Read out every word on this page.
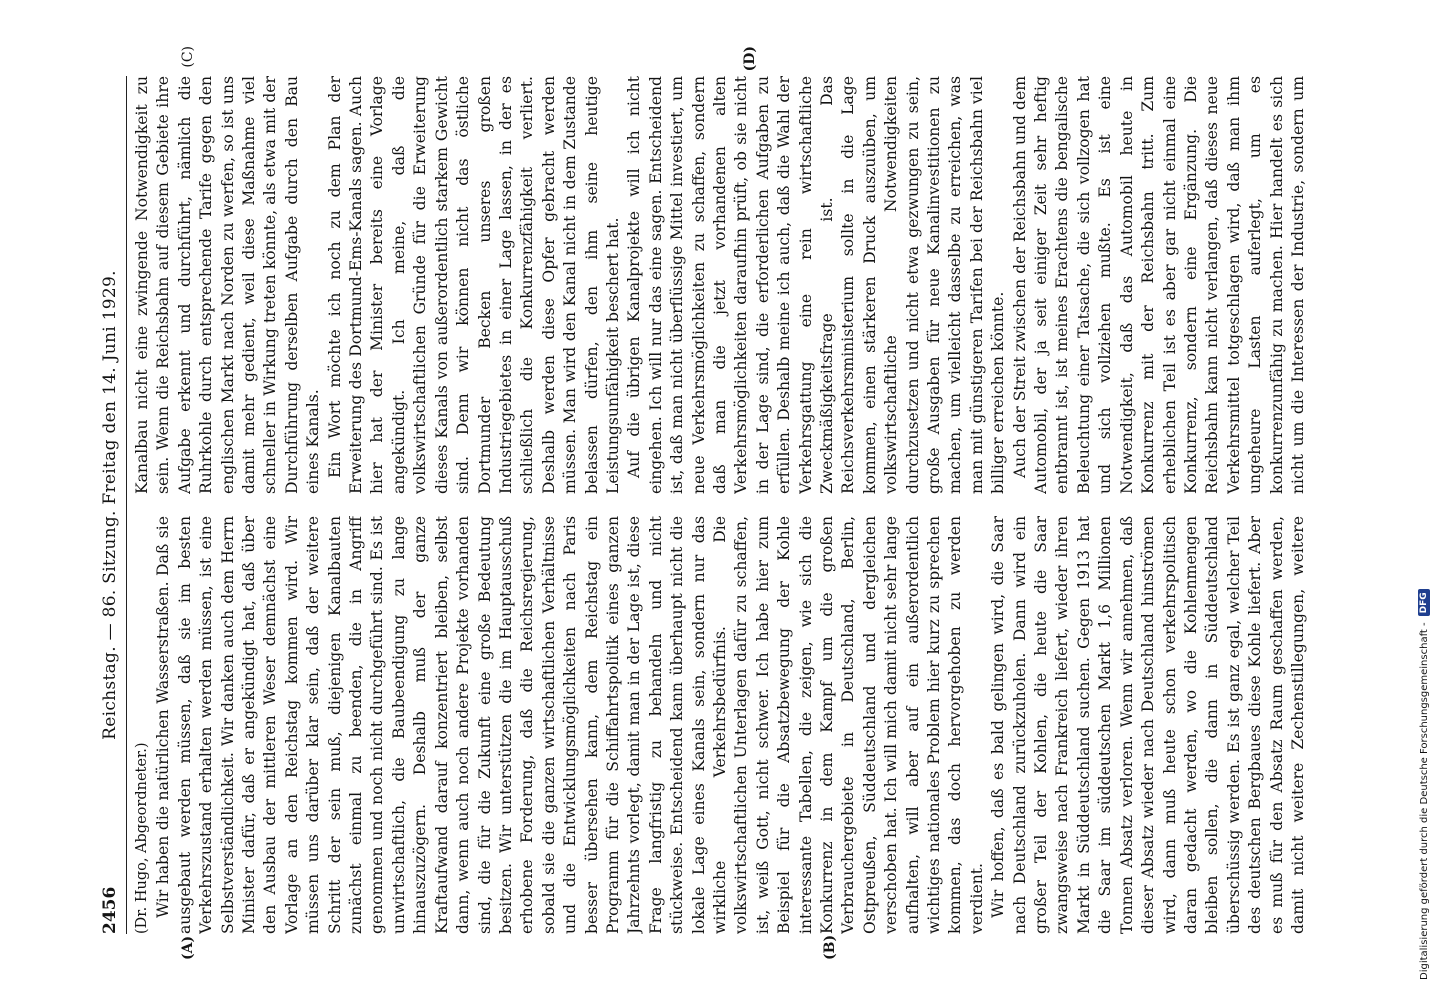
2456
Reichstag. — 86. Sitzung. Freitag den 14. Juni 1929.

(Dr. Hugo, Abgeordneter.) Wir haben die natürlichen Wasserstraßen. Daß sie ausgebaut werden müssen, daß sie im besten Verkehrszustand erhalten werden müssen, ist eine Selbstverständlichkeit. Wir danken auch dem Herrn Minister dafür, daß er angekündigt hat, daß über den Ausbau der mittleren Weser demnächst eine Vorlage an den Reichstag kommen wird. Wir müssen uns darüber klar sein, daß der weitere Schritt der sein muß, diejenigen Kanalbauten zunächst einmal zu beenden, die in Angriff genommen und noch nicht durchgeführt sind. Es ist unwirtschaftlich, die Baubeendigung zu lange hinauszuzögern. Deshalb muß der ganze Kraftaufwand darauf konzentriert bleiben, selbst dann, wenn auch noch andere Projekte vorhanden sind, die für die Zukunft eine große Bedeutung besitzen. Wir unterstützen die im Hauptausschuß erhobene Forderung, daß die Reichsregierung, sobald sie die ganzen wirtschaftlichen Verhältnisse und die Entwicklungsmöglichkeiten nach Paris besser übersehen kann, dem Reichstag ein Programm für die Schiffahrtspolitik eines ganzen Jahrzehnts vorlegt, damit man in der Lage ist, diese Frage langfristig zu behandeln und nicht stückweise. Entscheidend kann überhaupt nicht die lokale Lage eines Kanals sein, sondern nur das wirkliche Verkehrsbedürfnis. Die volkswirtschaftlichen Unterlagen dafür zu schaffen, ist, weiß Gott, nicht schwer. Ich habe hier zum Beispiel für die Absatzbewegung der Kohle interessante Tabellen, die zeigen, wie sich die Konkurrenz in dem Kampf um die großen Verbrauchergebiete in Deutschland, Berlin, Ostpreußen, Süddeutschland und dergleichen verschoben hat. Ich will mich damit nicht sehr lange aufhalten, will aber auf ein außerordentlich wichtiges nationales Problem hier kurz zu sprechen kommen, das doch hervorgehoben zu werden verdient. Wir hoffen, daß es bald gelingen wird, die Saar nach Deutschland zurückzuholen. Dann wird ein großer Teil der Kohlen, die heute die Saar zwangsweise nach Frankreich liefert, wieder ihren Markt in Süddeutschland suchen. Gegen 1913 hat die Saar im süddeutschen Markt 1,6 Millionen Tonnen Absatz verloren. Wenn wir annehmen, daß dieser Absatz wieder nach Deutschland hinströmen wird, dann muß heute schon verkehrspolitisch daran gedacht werden, wo die Kohlenmengen bleiben sollen, die dann in Süddeutschland überschüssig werden. Es ist ganz egal, welcher Teil des deutschen Bergbaues diese Kohle liefert. Aber es muß für den Absatz Raum geschaffen werden, damit nicht weitere Zechenstillegungen, weitere

Kanalbau nicht eine zwingende Notwendigkeit zu sein. Wenn die Reichsbahn auf diesem Gebiete ihre Aufgabe erkennt und durchführt, nämlich die Ruhrkohle durch entsprechende Tarife gegen den englischen Markt nach Norden zu werfen, so ist uns damit mehr gedient, weil diese Maßnahme viel schneller in Wirkung treten könnte, als etwa mit der Durchführung derselben Aufgabe durch den Bau eines Kanals. Ein Wort möchte ich noch zu dem Plan der Erweiterung des Dortmund-Ems-Kanals sagen. Auch hier hat der Minister bereits eine Vorlage angekündigt. Ich meine, daß die volkswirtschaftlichen Gründe für die Erweiterung dieses Kanals von außerordentlich starkem Gewicht sind. Denn wir können nicht das östliche Dortmunder Becken unseres großen Industriegebietes in einer Lage lassen, in der es schließlich die Konkurrenzfähigkeit verliert. Deshalb werden diese Opfer gebracht werden müssen. Man wird den Kanal nicht in dem Zustande belassen dürfen, den ihm seine heutige Leistungsunfähigkeit beschert hat. Auf die übrigen Kanalprojekte will ich nicht eingehen. Ich will nur das eine sagen. Entscheidend ist, daß man nicht überflüssige Mittel investiert, um neue Verkehrsmöglichkeiten zu schaffen, sondern daß man die jetzt vorhandenen alten Verkehrsmöglichkeiten daraufhin prüft, ob sie nicht in der Lage sind, die erforderlichen Aufgaben zu erfüllen. Deshalb meine ich auch, daß die Wahl der Verkehrsgattung eine rein wirtschaftliche Zweckmäßigkeitsfrage ist. Das Reichsverkehrsministerium sollte in die Lage kommen, einen stärkeren Druck auszuüben, um volkswirtschaftliche Notwendigkeiten durchzusetzen und nicht etwa gezwungen zu sein, große Ausgaben für neue Kanalinvestitionen zu machen, um vielleicht dasselbe zu erreichen, was man mit günstigeren Tarifen bei der Reichsbahn viel billiger erreichen könnte. Auch der Streit zwischen der Reichsbahn und dem Automobil, der ja seit einiger Zeit sehr heftig entbrannt ist, ist meines Erachtens die bengalische Beleuchtung einer Tatsache, die sich vollzogen hat und sich vollziehen mußte. Es ist eine Notwendigkeit, daß das Automobil heute in Konkurrenz mit der Reichsbahn tritt. Zum erheblichen Teil ist es aber gar nicht einmal eine Konkurrenz, sondern eine Ergänzung. Die Reichsbahn kann nicht verlangen, daß dieses neue Verkehrsmittel totgeschlagen wird, daß man ihm ungeheure Lasten auferlegt, um es konkurrenzunfähig zu machen. Hier handelt es sich nicht um die Interessen der Industrie, sondern um

(A)	(B)
(C)	(D)
Digitalisierung gefördert durch die Deutsche Forschungsgemeinschaft -
DFG
